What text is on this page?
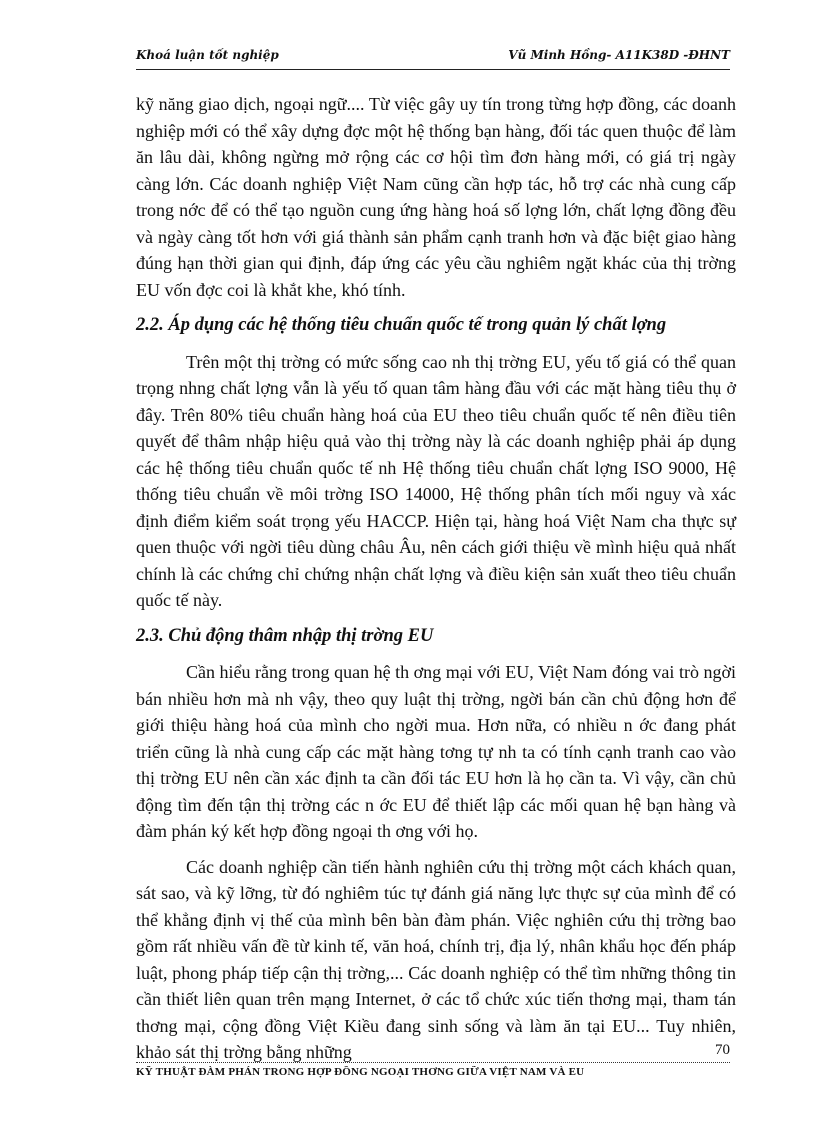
Khoá luận tốt nghiệp	Vũ Minh Hồng- A11K38D -ĐHNT

kỹ năng giao dịch, ngoại ngữ.... Từ việc gây uy tín trong từng hợp đồng, các doanh nghiệp mới có thể xây dựng đợc một hệ thống bạn hàng, đối tác quen thuộc để làm ăn lâu dài, không ngừng mở rộng các cơ hội tìm đơn hàng mới, có giá trị ngày càng lớn. Các doanh nghiệp Việt Nam cũng cần hợp tác, hỗ trợ các nhà cung cấp trong nớc để có thể tạo nguồn cung ứng hàng hoá số lợng lớn, chất lợng đồng đều và ngày càng tốt hơn với giá thành sản phẩm cạnh tranh hơn và đặc biệt giao hàng đúng hạn thời gian qui định, đáp ứng các yêu cầu nghiêm ngặt khác của thị trờng EU vốn đợc coi là khắt khe, khó tính.

2.2. Áp dụng các hệ thống tiêu chuẩn quốc tế trong quản lý chất lợng

Trên một thị trờng có mức sống cao nh thị trờng EU, yếu tố giá có thể quan trọng nhng chất lợng vẫn là yếu tố quan tâm hàng đầu với các mặt hàng tiêu thụ ở đây. Trên 80% tiêu chuẩn hàng hoá của EU theo tiêu chuẩn quốc tế nên điều tiên quyết để thâm nhập hiệu quả vào thị trờng này là các doanh nghiệp phải áp dụng các hệ thống tiêu chuẩn quốc tế nh Hệ thống tiêu chuẩn chất lợng ISO 9000, Hệ thống tiêu chuẩn về môi trờng ISO 14000, Hệ thống phân tích mối nguy và xác định điểm kiểm soát trọng yếu HACCP. Hiện tại, hàng hoá Việt Nam cha thực sự quen thuộc với ngời tiêu dùng châu Âu, nên cách giới thiệu về mình hiệu quả nhất chính là các chứng chỉ chứng nhận chất lợng và điều kiện sản xuất theo tiêu chuẩn quốc tế này.

2.3. Chủ động thâm nhập thị trờng EU

Cần hiểu rằng trong quan hệ th ơng mại với EU, Việt Nam đóng vai trò ngời bán nhiều hơn mà nh vậy, theo quy luật thị trờng, ngời bán cần chủ động hơn để giới thiệu hàng hoá của mình cho ngời mua. Hơn nữa, có nhiều n ớc đang phát triển cũng là nhà cung cấp các mặt hàng tơng tự nh ta có tính cạnh tranh cao vào thị trờng EU nên cần xác định ta cần đối tác EU hơn là họ cần ta. Vì vậy, cần chủ động tìm đến tận thị trờng các n ớc EU để thiết lập các mối quan hệ bạn hàng và đàm phán ký kết hợp đồng ngoại th ơng với họ.

Các doanh nghiệp cần tiến hành nghiên cứu thị trờng một cách khách quan, sát sao, và kỹ lỡng, từ đó nghiêm túc tự đánh giá năng lực thực sự của mình để có thể khẳng định vị thế của mình bên bàn đàm phán. Việc nghiên cứu thị trờng bao gồm rất nhiều vấn đề từ kinh tế, văn hoá, chính trị, địa lý, nhân khẩu học đến pháp luật, phong pháp tiếp cận thị trờng,... Các doanh nghiệp có thể tìm những thông tin cần thiết liên quan trên mạng Internet, ở các tổ chức xúc tiến thơng mại, tham tán thơng mại, cộng đồng Việt Kiều đang sinh sống và làm ăn tại EU... Tuy nhiên, khảo sát thị trờng bằng những	70
KỸ THUẬT ĐÀM PHÁN TRONG HỢP ĐỒNG NGOẠI THƠNG GIỮA VIỆT NAM VÀ EU
